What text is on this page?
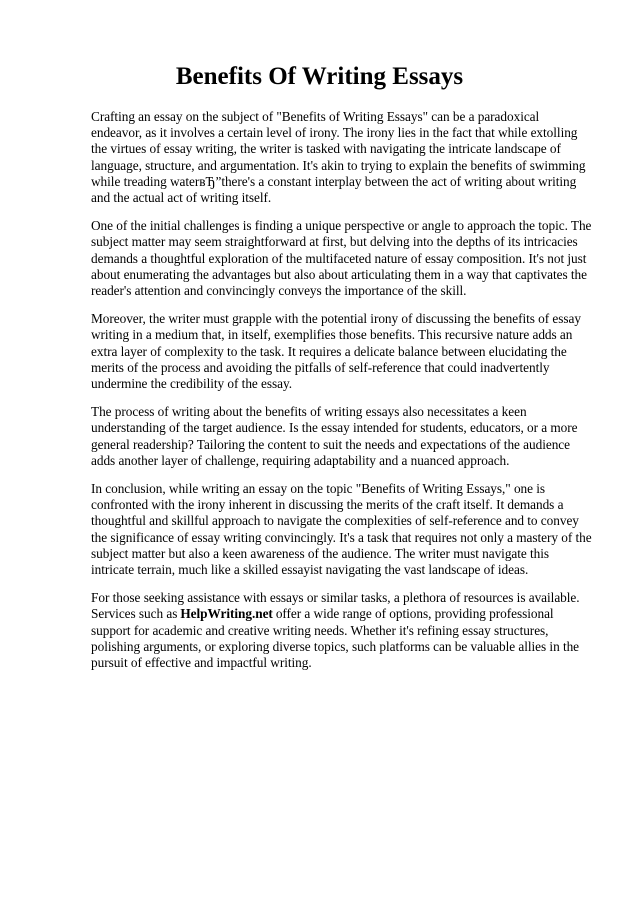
Benefits Of Writing Essays

Crafting an essay on the subject of "Benefits of Writing Essays" can be a paradoxical endeavor, as it involves a certain level of irony. The irony lies in the fact that while extolling the virtues of essay writing, the writer is tasked with navigating the intricate landscape of language, structure, and argumentation. It's akin to trying to explain the benefits of swimming while treading waterвЂ”there's a constant interplay between the act of writing about writing and the actual act of writing itself.

One of the initial challenges is finding a unique perspective or angle to approach the topic. The subject matter may seem straightforward at first, but delving into the depths of its intricacies demands a thoughtful exploration of the multifaceted nature of essay composition. It's not just about enumerating the advantages but also about articulating them in a way that captivates the reader's attention and convincingly conveys the importance of the skill.

Moreover, the writer must grapple with the potential irony of discussing the benefits of essay writing in a medium that, in itself, exemplifies those benefits. This recursive nature adds an extra layer of complexity to the task. It requires a delicate balance between elucidating the merits of the process and avoiding the pitfalls of self-reference that could inadvertently undermine the credibility of the essay.

The process of writing about the benefits of writing essays also necessitates a keen understanding of the target audience. Is the essay intended for students, educators, or a more general readership? Tailoring the content to suit the needs and expectations of the audience adds another layer of challenge, requiring adaptability and a nuanced approach.

In conclusion, while writing an essay on the topic "Benefits of Writing Essays," one is confronted with the irony inherent in discussing the merits of the craft itself. It demands a thoughtful and skillful approach to navigate the complexities of self-reference and to convey the significance of essay writing convincingly. It's a task that requires not only a mastery of the subject matter but also a keen awareness of the audience. The writer must navigate this intricate terrain, much like a skilled essayist navigating the vast landscape of ideas.

For those seeking assistance with essays or similar tasks, a plethora of resources is available. Services such as HelpWriting.net offer a wide range of options, providing professional support for academic and creative writing needs. Whether it's refining essay structures, polishing arguments, or exploring diverse topics, such platforms can be valuable allies in the pursuit of effective and impactful writing.
